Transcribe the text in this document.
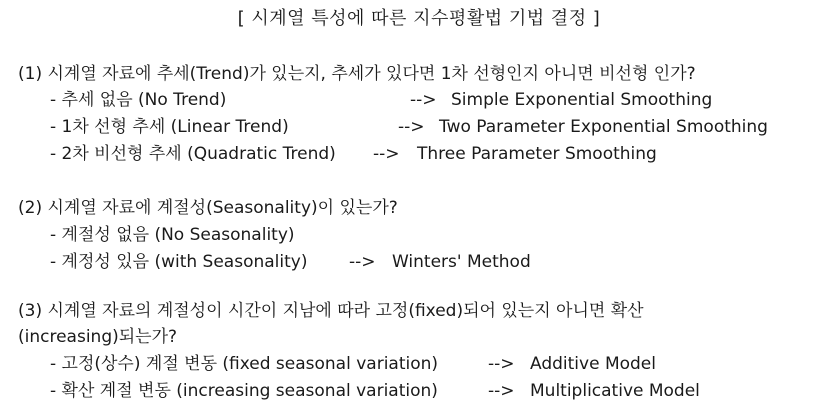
[ 시계열 특성에 따른 지수평활법 기법 결정 ]
(1) 시계열 자료에 추세(Trend)가 있는지, 추세가 있다면 1차 선형인지 아니면 비선형 인가?
- 추세 없음 (No Trend)	--> Simple Exponential Smoothing
- 1차 선형 추세 (Linear Trend)	--> Two Parameter Exponential Smoothing
- 2차 비선형 추세 (Quadratic Trend) --> Three Parameter Smoothing
(2) 시계열 자료에 계절성(Seasonality)이 있는가?
- 계절성 없음 (No Seasonality)
- 계정성 있음 (with Seasonality) --> Winters' Method
(3) 시계열 자료의 계절성이 시간이 지남에 따라 고정(fixed)되어 있는지 아니면 확산
(increasing)되는가?
- 고정(상수) 계절 변동 (fixed seasonal variation)	--> Additive Model
- 확산 계절 변동 (increasing seasonal variation)	--> Multiplicative Model
